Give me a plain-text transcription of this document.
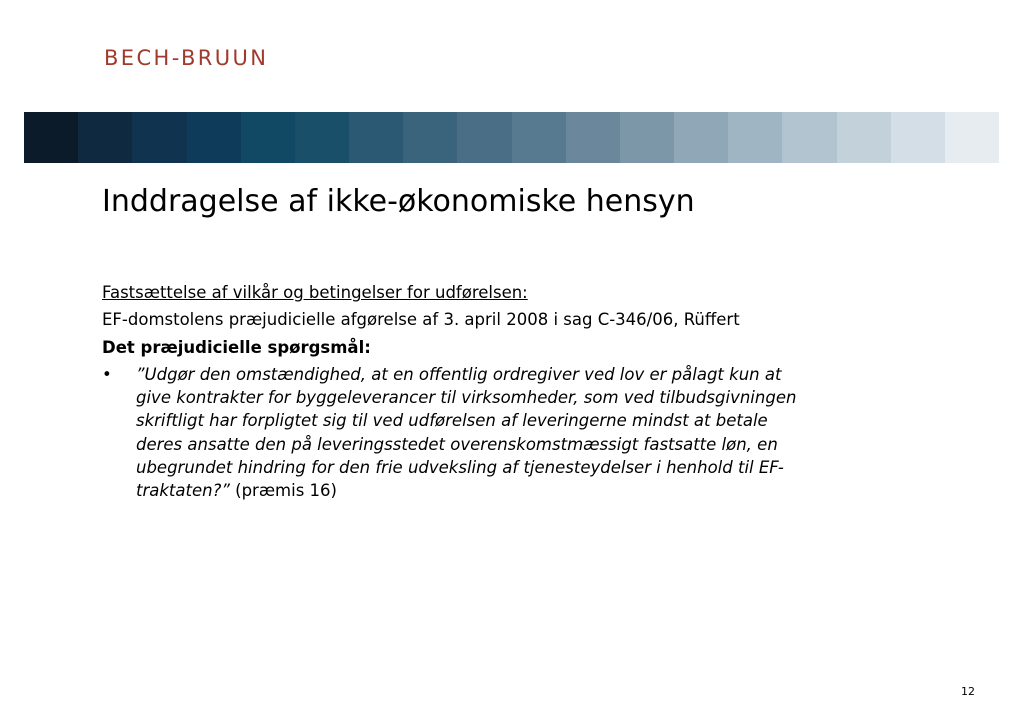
BECH-BRUUN
Inddragelse af ikke-økonomiske hensyn

Fastsættelse af vilkår og betingelser for udførelsen:

EF-domstolens præjudicielle afgørelse af 3. april 2008 i sag C-346/06, Rüffert

Det præjudicielle spørgsmål:

• ”Udgør den omstændighed, at en offentlig ordregiver ved lov er pålagt kun at
give kontrakter for byggeleverancer til virksomheder, som ved tilbudsgivningen
skriftligt har forpligtet sig til ved udførelsen af leveringerne mindst at betale
deres ansatte den på leveringsstedet overenskomstmæssigt fastsatte løn, en
ubegrundet hindring for den frie udveksling af tjenesteydelser i henhold til EF-
traktaten?” (præmis 16)
12
